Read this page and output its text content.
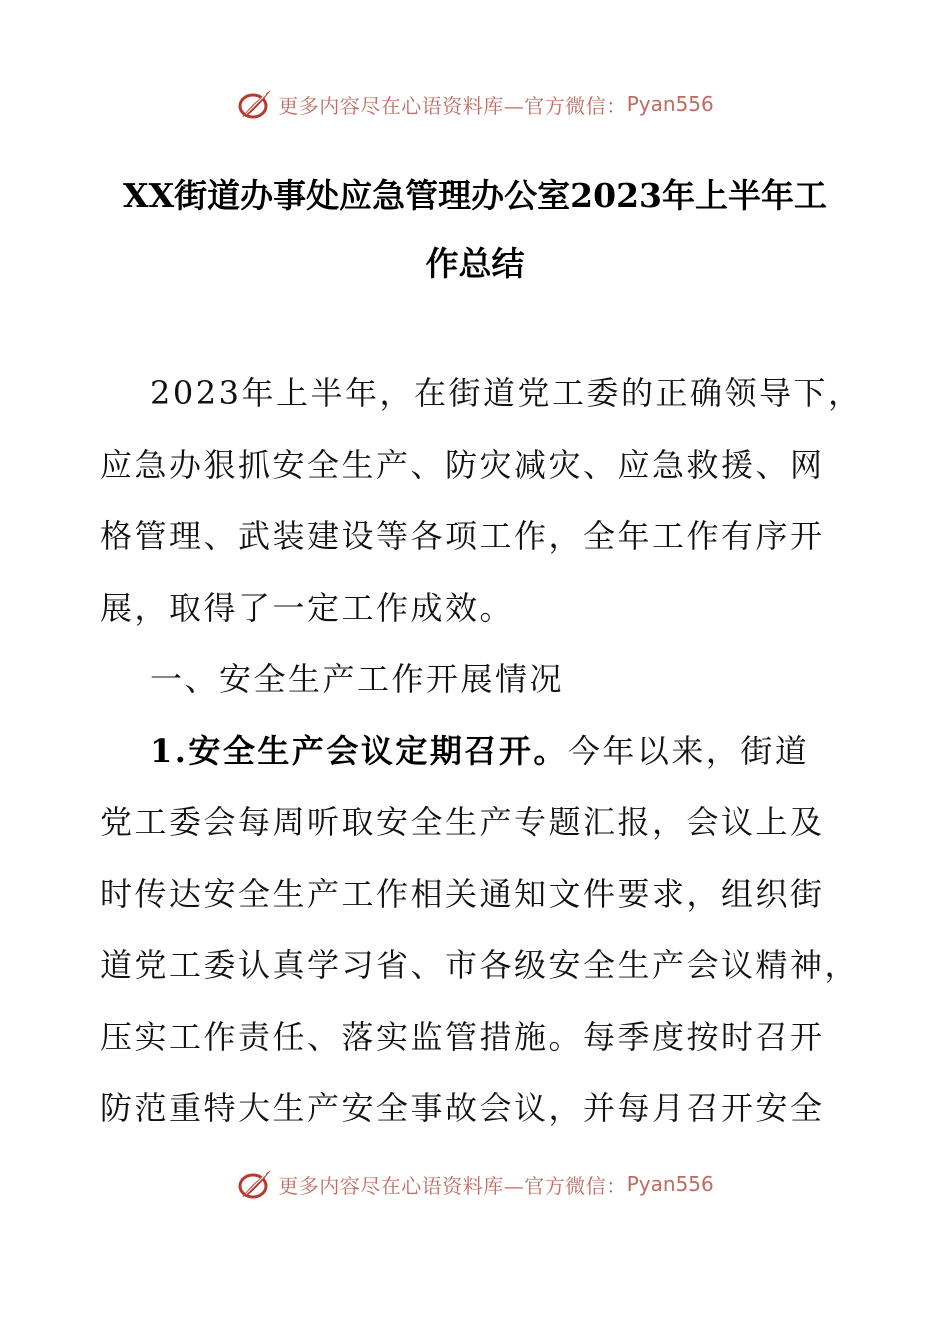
更多内容尽在心语资料库—官方微信： Pyan556
XX街道办事处应急管理办公室2023年上半年工
作总结
2023年上半年，在街道党工委的正确领导下，
应急办狠抓安全生产、防灾减灾、应急救援、网
格管理、武装建设等各项工作，全年工作有序开
展，取得了一定工作成效。
一、安全生产工作开展情况
1.安全生产会议定期召开。今年以来，街道
党工委会每周听取安全生产专题汇报，会议上及
时传达安全生产工作相关通知文件要求，组织街
道党工委认真学习省、市各级安全生产会议精神，
压实工作责任、落实监管措施。每季度按时召开
防范重特大生产安全事故会议，并每月召开安全
更多内容尽在心语资料库—官方微信： Pyan556
